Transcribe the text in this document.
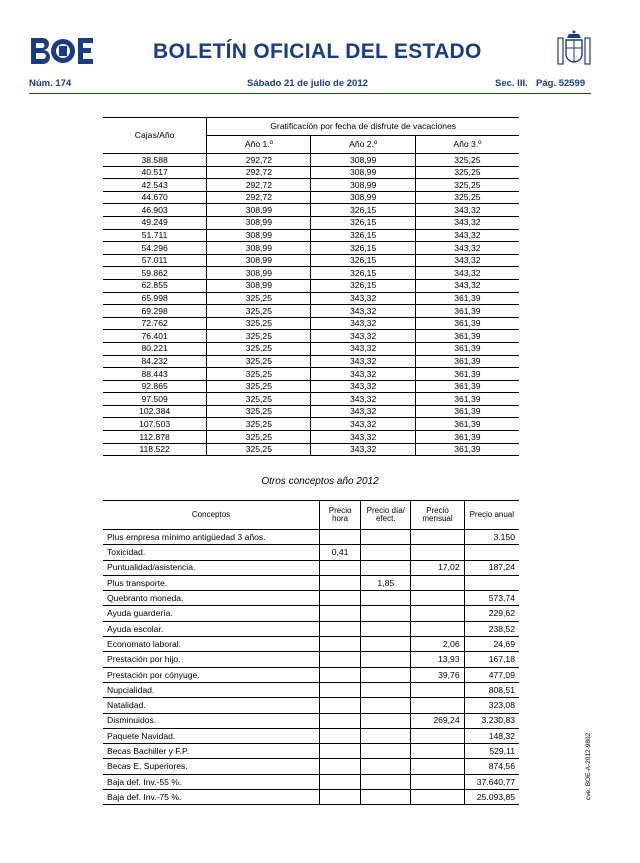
BOLETÍN OFICIAL DEL ESTADO
Núm. 174	Sábado 21 de julio de 2012	Sec. III. Pág. 52599
Cajas/Año	Gratificación por fecha de disfrute de vacaciones		
	Año 1.º	Año 2.º	Año 3.º
38.588	292,72	308,99	325,25
40.517	292,72	308,99	325,25
42.543	292,72	308,99	325,25
44.670	292,72	308,99	325,25
46.903	308,99	326,15	343,32
49.249	308,99	326,15	343,32
51.711	308,99	326,15	343,32
54.296	308,99	326,15	343,32
57.011	308,99	326,15	343,32
59.862	308,99	326,15	343,32
62.855	308,99	326,15	343,32
65.998	325,25	343,32	361,39
69.298	325,25	343,32	361,39
72.762	325,25	343,32	361,39
76.401	325,25	343,32	361,39
80.221	325,25	343,32	361,39
84.232	325,25	343,32	361,39
88.443	325,25	343,32	361,39
92.865	325,25	343,32	361,39
97.509	325,25	343,32	361,39
102.384	325,25	343,32	361,39
107.503	325,25	343,32	361,39
112.878	325,25	343,32	361,39
118.522	325,25	343,32	361,39
Otros conceptos año 2012
Conceptos	Precio hora	Precio día/ efect.	Precio mensual	Precio anual
Plus empresa mínimo antigüedad 3 años.				3.150
Toxicidad.	0,41			
Puntualidad/asistencia.			17,02	187,24
Plus transporte.		1,85		
Quebranto moneda.				573,74
Ayuda guardería.				229,62
Ayuda escolar.				238,52
Economato laboral.			2,06	24,69
Prestación por hijo.			13,93	167,18
Prestación por cónyuge.			39,76	477,09
Nupcialidad.				808,51
Natalidad.				323,08
Disminuidos.			269,24	3.230,83
Paquete Navidad.				148,32
Becas Bachiller y F.P.				529,11
Becas E. Superiores.				874,56
Baja def. Inv.-55 %.				37.640,77
Baja def. Inv.-75 %.				25.093,85	cve: BOE-A-2012-9802
